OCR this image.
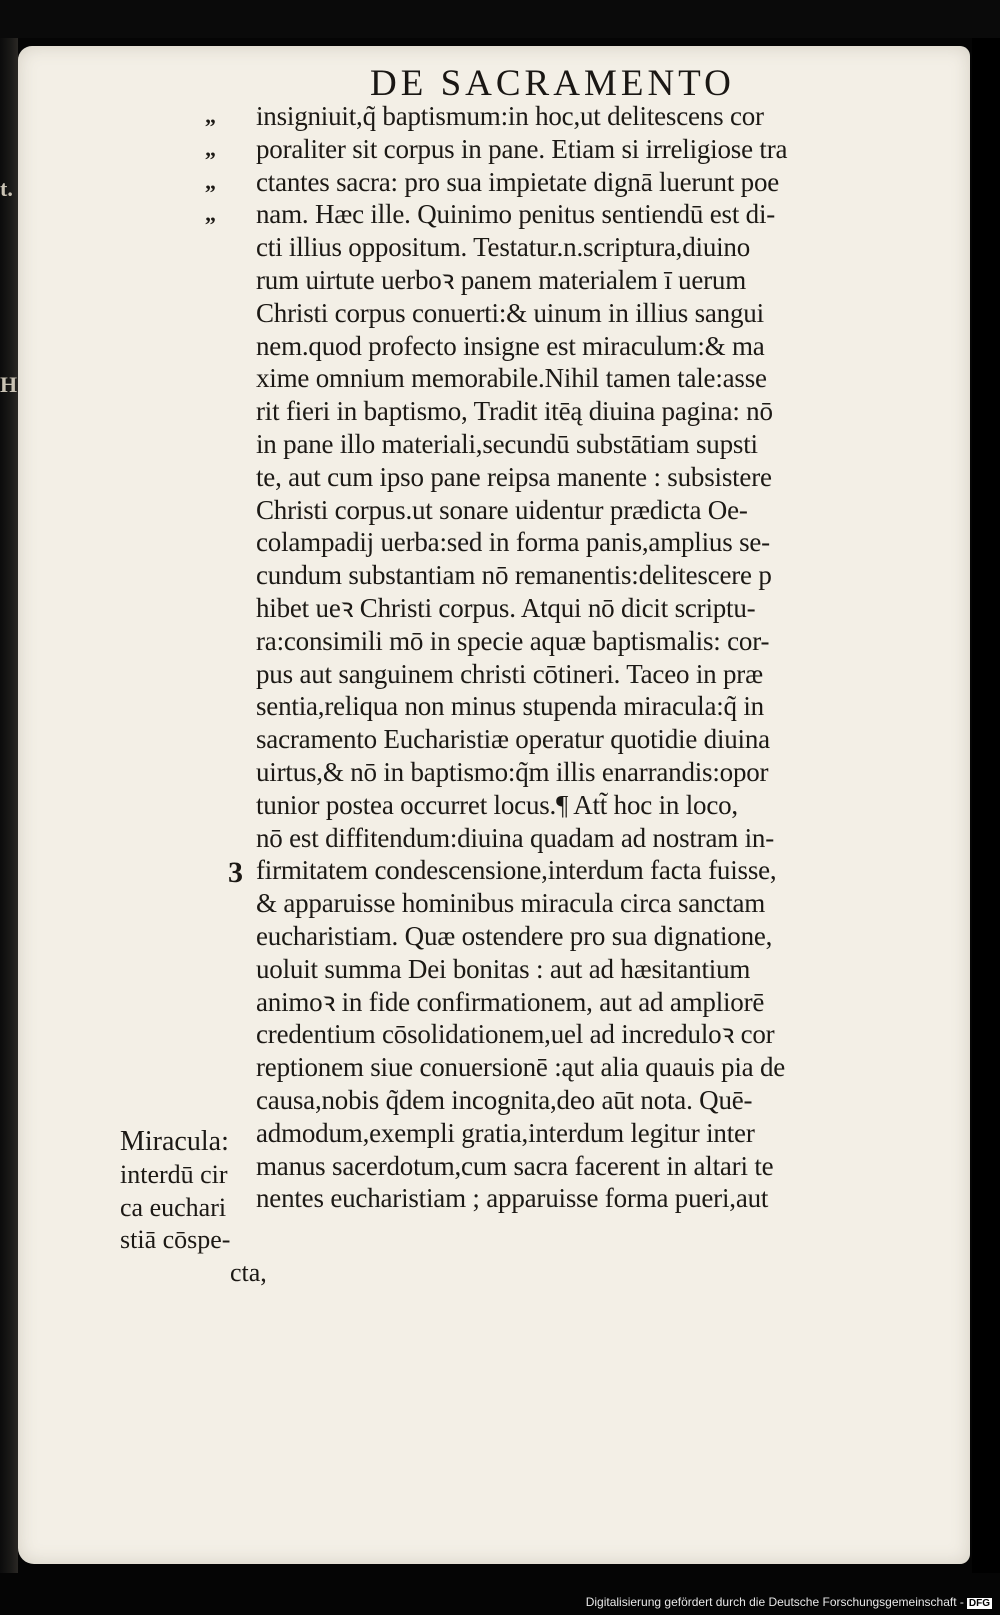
t.
H
DE SACRAMENTO
„
„
„
„
insigniuit,q̃ baptismum:in hoc,ut delitescens cor
poraliter sit corpus in pane. Etiam si irreligiose tra
ctantes sacra: pro sua impietate dignā luerunt poe
nam. Hæc ille. Quinimo penitus sentiendū est di-
cti illius oppositum. Testatur.n.scriptura,diuino
rum uirtute uerboꝛ panem materialem ī uerum
Christi corpus conuerti:& uinum in illius sangui
nem.quod profecto insigne est miraculum:& ma
xime omnium memorabile.Nihil tamen tale:asse
rit fieri in baptismo, Tradit itēą diuina pagina: nō
in pane illo materiali,secundū substātiam supsti
te, aut cum ipso pane reipsa manente : subsistere
Christi corpus.ut sonare uidentur prædicta Oe-
colampadij uerba:sed in forma panis,amplius se-
cundum substantiam nō remanentis:delitescere p
hibet ueꝛ Christi corpus. Atqui nō dicit scriptu-
ra:consimili mō in specie aquæ baptismalis: cor-
pus aut sanguinem christi cōtineri. Taceo in præ
sentia,reliqua non minus stupenda miracula:q̃ in
sacramento Eucharistiæ operatur quotidie diuina
uirtus,& nō in baptismo:q̃m illis enarrandis:opor
tunior postea occurret locus.¶ Att̃ hoc in loco,
nō est diffitendum:diuina quadam ad nostram in-
firmitatem condescensione,interdum facta fuisse,
& apparuisse hominibus miracula circa sanctam
eucharistiam. Quæ ostendere pro sua dignatione,
uoluit summa Dei bonitas : aut ad hæsitantium
animoꝛ in fide confirmationem, aut ad ampliorē
credentium cōsolidationem,uel ad increduloꝛ cor
reptionem siue conuersionē :ąut alia quauis pia de
causa,nobis q̃dem incognita,deo aūt nota. Quē-
admodum,exempli gratia,interdum legitur inter
manus sacerdotum,cum sacra facerent in altari te
nentes eucharistiam ; apparuisse forma pueri,aut
3
Miracula:
interdū cir
ca euchari
stiā cōspe-
cta,
Digitalisierung gefördert durch die Deutsche Forschungsgemeinschaft - DFG
